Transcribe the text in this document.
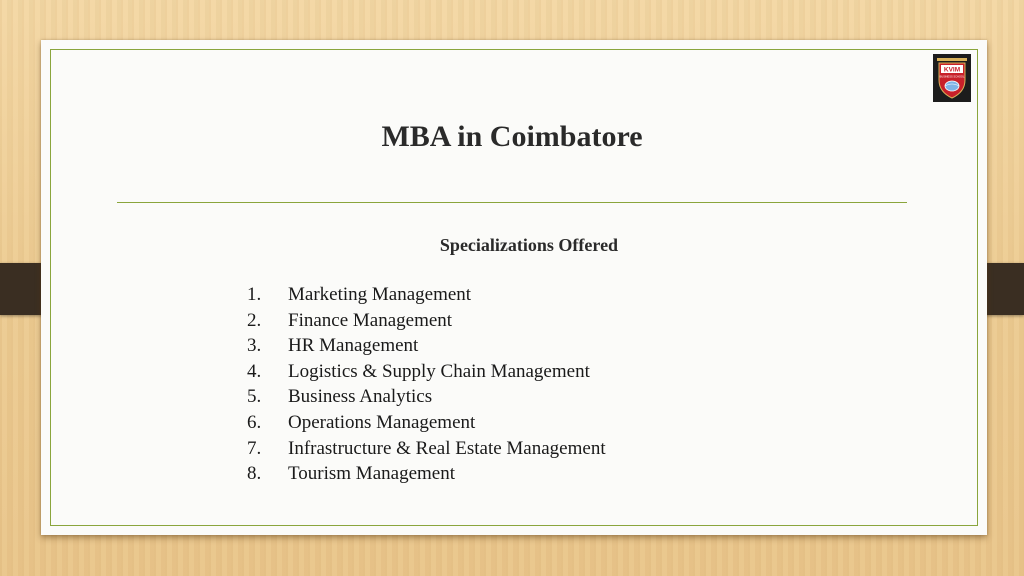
KVIM
BUSINESS SCHOOL
MBA in Coimbatore
Specializations Offered
1. Marketing Management
2. Finance Management
3. HR Management
4. Logistics & Supply Chain Management
5. Business Analytics
6. Operations Management
7. Infrastructure & Real Estate Management
8. Tourism Management
